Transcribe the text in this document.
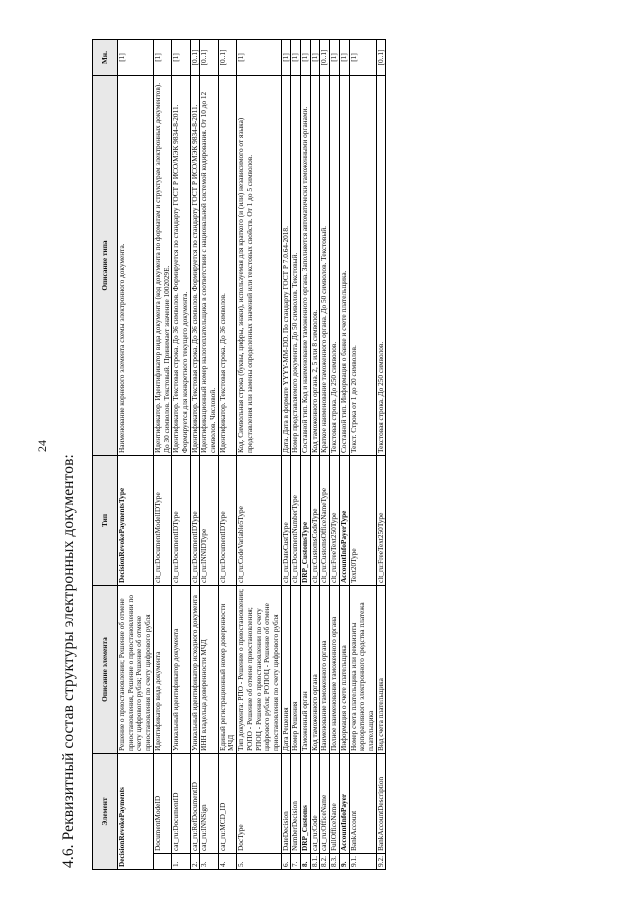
24
4.6. Реквизитный состав структуры электронных документов:	Элемент		Описание элемента	Тип	Описание типа	Мн.
DecisionRevokePayments		Решение о приостановлении; Решение об отмене приостановления, Решение о приостановлении по счету цифрового рубля; Решение об отмене приостановления по счету цифрового рубля	DecisionRevokePaymentsType	Наименование корневого элемента схемы электронного документа.	[1]
	DocumentModeID	Идентификатор вида документа	clt_ru:DocumentModelIDType	Идентификатор. Идентификатор вида документа (код документа по форматам и структурам электронных документов). До 30 символов. Текстовый. Принимает значение 1002029Е.	[1]
1.	cat_ru:DocumentID	Уникальный идентификатор документа	clt_ru:DocumentIDType	Идентификатор. Текстовая строка. До 36 символов. Формируется по стандарту ГОСТ Р ИСО/МЭК 9834-8-2011. Формируется для конкретного текущего документа.	[1]
2.	cat_ru:RefDocumentID	Уникальный идентификатор исходного документа	clt_ru:DocumentIDType	Идентификатор. Текстовая строка. До 36 символов. Формируется по стандарту ГОСТ Р ИСО/МЭК 9834-8-2011.	[0..1]
3.	cat_ru:INNSign	ИНН владельца доверенности МЧД	clt_ru:INNIDType	Идентификационный номер налогоплательщика в соответствии с национальной системой кодирования. От 10 до 12 символов. Числовой.	[0..1]
4.	cat_ru:MCD_ID	Единый регистрационный номер доверенности МЧД	clt_ru:DocumentIDType	Идентификатор. Текстовая строка. До 36 символов.	[0..1]
5.	DocType	Тип документа: РПО - Решение о приостановлении; РОПО - Решение об отмене приостановления; РПОЦ - Решение о приостановлении по счету цифрового рубля; РОПОЦ - Решение об отмене приостановления по счету цифрового рубля	clt_ru:CodeVariable5Type	Код. Символьная строка (буквы, цифры, знаки), используемая для краткого (и (или) независимого от языка) представления или замены определенных значений или текстовых свойств. От 1 до 5 символов.	[1]
6.	DateDecision	Дата Решения	clt_ru:DateCustType	Дата. Дата в формате YYYY-MM-DD. По стандарту ГОСТ Р 7.0.64-2018.	[1]
7.	NumberDecision	Номер Решения	clt_ru:DocumentNumberType	Номер представляемого документа. До 50 символов. Текстовый.	[1]
8.	DRP_Customs	Таможенный орган	DRP_CustomsType	Составной тип. Код и наименование таможенного органа. Заполняется автоматически таможенными органами.	[1]
8.1.	cat_ru:Code	Код таможенного органа	clt_ru:CustomsCodeType	Код таможенного органа. 2, 5 или 8 символов.	[1]
8.2.	cat_ru:OfficeName	Наименование таможенного органа	clt_ru:CustomsOfficeNameType	Краткое наименование таможенного органа. До 50 символов. Текстовый.	[0..1]
8.3.	FullOfficeName	Полное наименование таможенного органа	clt_ru:FreeText250Type	Текстовая строка. До 250 символов.	[1]
9.	AccountInfoPayer	Информация о счете плательщика	AccountInfoPayerType	Составной тип. Информация о банке и счете плательщика.	[1]
9.1.	BankAccount	Номер счета плательщика или реквизиты корпоративного электронного средства платежа плательщика	Text20Type	Текст. Строка от 1 до 20 символов.	[1]
9.2.	BankAccountDescription	Вид счета плательщика	clt_ru:FreeText250Type	Текстовая строка. До 250 символов.	[0..1]
